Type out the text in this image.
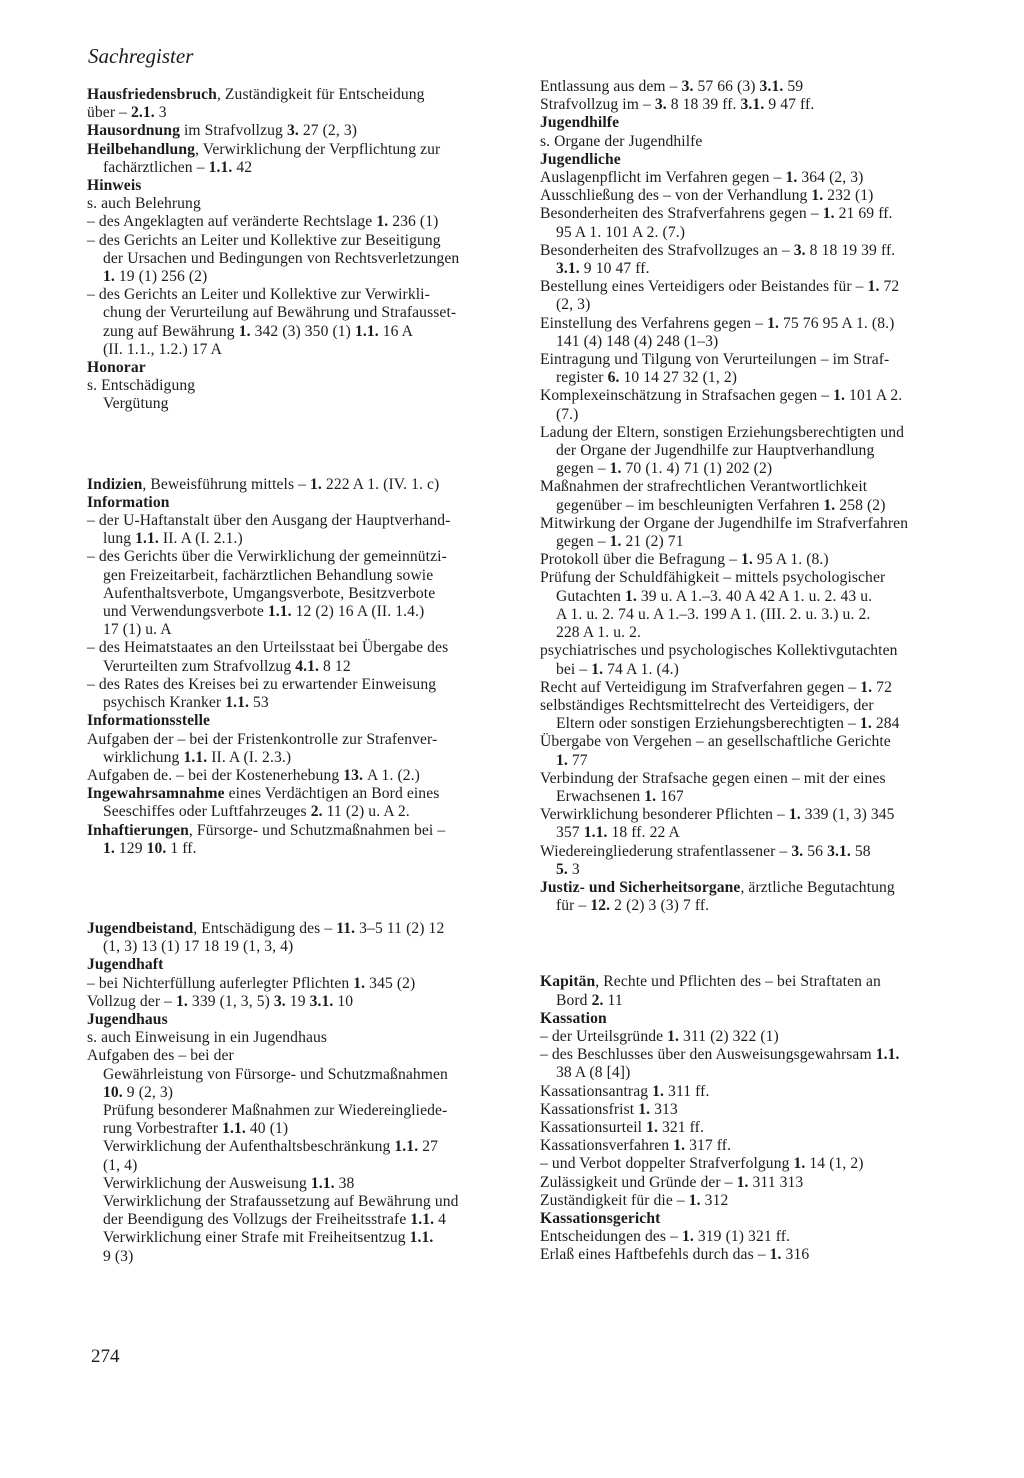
Sachregister
Hausfriedensbruch, Zuständigkeit für Entscheidung
über – 2.1. 3
Hausordnung im Strafvollzug 3. 27 (2, 3)
Heilbehandlung, Verwirklichung der Verpflichtung zur
fachärztlichen – 1.1. 42
Hinweis
s. auch Belehrung
– des Angeklagten auf veränderte Rechtslage 1. 236 (1)
– des Gerichts an Leiter und Kollektive zur Beseitigung
der Ursachen und Bedingungen von Rechtsverletzungen
1. 19 (1) 256 (2)
– des Gerichts an Leiter und Kollektive zur Verwirkli-
chung der Verurteilung auf Bewährung und Strafausset-
zung auf Bewährung 1. 342 (3) 350 (1) 1.1. 16 A
(II. 1.1., 1.2.) 17 A
Honorar
s. Entschädigung
Vergütung
Indizien, Beweisführung mittels – 1. 222 A 1. (IV. 1. c)
Information
– der U-Haftanstalt über den Ausgang der Hauptverhand-
lung 1.1. II. A (I. 2.1.)
– des Gerichts über die Verwirklichung der gemeinnützi-
gen Freizeitarbeit, fachärztlichen Behandlung sowie
Aufenthaltsverbote, Umgangsverbote, Besitzverbote
und Verwendungsverbote 1.1. 12 (2) 16 A (II. 1.4.)
17 (1) u. A
– des Heimatstaates an den Urteilsstaat bei Übergabe des
Verurteilten zum Strafvollzug 4.1. 8 12
– des Rates des Kreises bei zu erwartender Einweisung
psychisch Kranker 1.1. 53
Informationsstelle
Aufgaben der – bei der Fristenkontrolle zur Strafenver-
wirklichung 1.1. II. A (I. 2.3.)
Aufgaben de. – bei der Kostenerhebung 13. A 1. (2.)
Ingewahrsamnahme eines Verdächtigen an Bord eines
Seeschiffes oder Luftfahrzeuges 2. 11 (2) u. A 2.
Inhaftierungen, Fürsorge- und Schutzmaßnahmen bei –
1. 129 10. 1 ff.
Jugendbeistand, Entschädigung des – 11. 3–5 11 (2) 12
(1, 3) 13 (1) 17 18 19 (1, 3, 4)
Jugendhaft
– bei Nichterfüllung auferlegter Pflichten 1. 345 (2)
Vollzug der – 1. 339 (1, 3, 5) 3. 19 3.1. 10
Jugendhaus
s. auch Einweisung in ein Jugendhaus
Aufgaben des – bei der
Gewährleistung von Fürsorge- und Schutzmaßnahmen
10. 9 (2, 3)
Prüfung besonderer Maßnahmen zur Wiedereingliede-
rung Vorbestrafter 1.1. 40 (1)
Verwirklichung der Aufenthaltsbeschränkung 1.1. 27
(1, 4)
Verwirklichung der Ausweisung 1.1. 38
Verwirklichung der Strafaussetzung auf Bewährung und
der Beendigung des Vollzugs der Freiheitsstrafe 1.1. 4
Verwirklichung einer Strafe mit Freiheitsentzug 1.1.
9 (3)
Entlassung aus dem – 3. 57 66 (3) 3.1. 59
Strafvollzug im – 3. 8 18 39 ff. 3.1. 9 47 ff.
Jugendhilfe
s. Organe der Jugendhilfe
Jugendliche
Auslagenpflicht im Verfahren gegen – 1. 364 (2, 3)
Ausschließung des – von der Verhandlung 1. 232 (1)
Besonderheiten des Strafverfahrens gegen – 1. 21 69 ff.
95 A 1. 101 A 2. (7.)
Besonderheiten des Strafvollzuges an – 3. 8 18 19 39 ff.
3.1. 9 10 47 ff.
Bestellung eines Verteidigers oder Beistandes für – 1. 72
(2, 3)
Einstellung des Verfahrens gegen – 1. 75 76 95 A 1. (8.)
141 (4) 148 (4) 248 (1–3)
Eintragung und Tilgung von Verurteilungen – im Straf-
register 6. 10 14 27 32 (1, 2)
Komplexeinschätzung in Strafsachen gegen – 1. 101 A 2.
(7.)
Ladung der Eltern, sonstigen Erziehungsberechtigten und
der Organe der Jugendhilfe zur Hauptverhandlung
gegen – 1. 70 (1. 4) 71 (1) 202 (2)
Maßnahmen der strafrechtlichen Verantwortlichkeit
gegenüber – im beschleunigten Verfahren 1. 258 (2)
Mitwirkung der Organe der Jugendhilfe im Strafverfahren
gegen – 1. 21 (2) 71
Protokoll über die Befragung – 1. 95 A 1. (8.)
Prüfung der Schuldfähigkeit – mittels psychologischer
Gutachten 1. 39 u. A 1.–3. 40 A 42 A 1. u. 2. 43 u.
A 1. u. 2. 74 u. A 1.–3. 199 A 1. (III. 2. u. 3.) u. 2.
228 A 1. u. 2.
psychiatrisches und psychologisches Kollektivgutachten
bei – 1. 74 A 1. (4.)
Recht auf Verteidigung im Strafverfahren gegen – 1. 72
selbständiges Rechtsmittelrecht des Verteidigers, der
Eltern oder sonstigen Erziehungsberechtigten – 1. 284
Übergabe von Vergehen – an gesellschaftliche Gerichte
1. 77
Verbindung der Strafsache gegen einen – mit der eines
Erwachsenen 1. 167
Verwirklichung besonderer Pflichten – 1. 339 (1, 3) 345
357 1.1. 18 ff. 22 A
Wiedereingliederung strafentlassener – 3. 56 3.1. 58
5. 3
Justiz- und Sicherheitsorgane, ärztliche Begutachtung
für – 12. 2 (2) 3 (3) 7 ff.
Kapitän, Rechte und Pflichten des – bei Straftaten an
Bord 2. 11
Kassation
– der Urteilsgründe 1. 311 (2) 322 (1)
– des Beschlusses über den Ausweisungsgewahrsam 1.1.
38 A (8 [4])
Kassationsantrag 1. 311 ff.
Kassationsfrist 1. 313
Kassationsurteil 1. 321 ff.
Kassationsverfahren 1. 317 ff.
– und Verbot doppelter Strafverfolgung 1. 14 (1, 2)
Zulässigkeit und Gründe der – 1. 311 313
Zuständigkeit für die – 1. 312
Kassationsgericht
Entscheidungen des – 1. 319 (1) 321 ff.
Erlaß eines Haftbefehls durch das – 1. 316
274
